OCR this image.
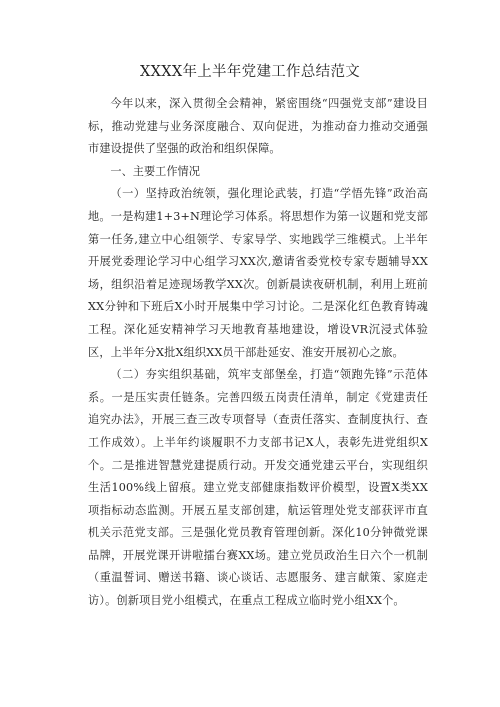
XXXX年上半年党建工作总结范文

今年以来，深入贯彻全会精神，紧密围绕“四强党支部”建设目标，推动党建与业务深度融合、双向促进，为推动奋力推动交通强市建设提供了坚强的政治和组织保障。

一、主要工作情况

（一）坚持政治统领，强化理论武装，打造“学悟先锋”政治高地。一是构建1+3+N理论学习体系。将思想作为第一议题和党支部第一任务,建立中心组领学、专家导学、实地践学三维模式。上半年开展党委理论学习中心组学习XX次,邀请省委党校专家专题辅导XX场，组织沿着足迹现场教学XX次。创新晨读夜研机制，利用上班前XX分钟和下班后X小时开展集中学习讨论。二是深化红色教育铸魂工程。深化延安精神学习天地教育基地建设，增设VR沉浸式体验区，上半年分X批X组织XX员干部赴延安、淮安开展初心之旅。

（二）夯实组织基础，筑牢支部堡垒，打造“领跑先锋”示范体系。一是压实责任链条。完善四级五岗责任清单，制定《党建责任追究办法》，开展三查三改专项督导（查责任落实、查制度执行、查工作成效）。上半年约谈履职不力支部书记X人，表彰先进党组织X个。二是推进智慧党建提质行动。开发交通党建云平台，实现组织生活100%线上留痕。建立党支部健康指数评价模型，设置X类XX项指标动态监测。开展五星支部创建，航运管理处党支部获评市直机关示范党支部。三是强化党员教育管理创新。深化10分钟微党课品牌，开展党课开讲啦擂台赛XX场。建立党员政治生日六个一机制（重温誓词、赠送书籍、谈心谈话、志愿服务、建言献策、家庭走访）。创新项目党小组模式，在重点工程成立临时党小组XX个。
